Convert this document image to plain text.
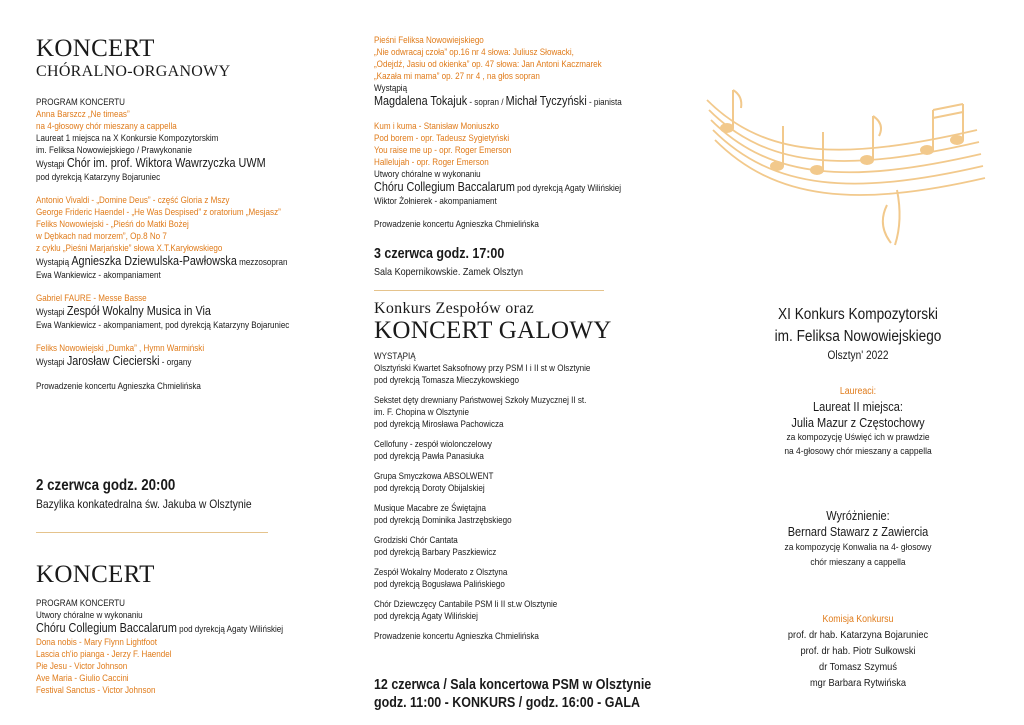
KONCERT
CHÓRALNO-ORGANOWY
PROGRAM KONCERTU
Anna Barszcz „Ne timeas”
na 4-głosowy chór mieszany a cappella
Laureat 1 miejsca na X Konkursie Kompozytorskim
im. Feliksa Nowowiejskiego / Prawykonanie
Wystąpi Chór im. prof. Wiktora Wawrzyczka UWM
pod dyrekcją Katarzyny Bojaruniec
Antonio Vivaldi - „Domine Deus” - część Gloria z Mszy
George Frideric Haendel - „He Was Despised” z oratorium „Mesjasz”
Feliks Nowowiejski - „Pieśń do Matki Bożej
w Dębkach nad morzem”, Op.8 No 7
z cyklu „Pieśni Marjańskie” słowa X.T.Karyłowskiego
Wystąpią Agnieszka Dziewulska-Pawłowska mezzosopran
Ewa Wankiewicz - akompaniament
Gabriel FAURE - Messe Basse
Wystąpi Zespół Wokalny Musica in Via
Ewa Wankiewicz - akompaniament, pod dyrekcją Katarzyny Bojaruniec
Feliks Nowowiejski „Dumka” , Hymn Warmiński
Wystąpi Jarosław Ciecierski - organy
Prowadzenie koncertu Agnieszka Chmielińska
2 czerwca godz. 20:00
Bazylika konkatedralna św. Jakuba w Olsztynie
KONCERT
PROGRAM KONCERTU
Utwory chóralne w wykonaniu
Chóru Collegium Baccalarum pod dyrekcją Agaty Wilińskiej
Dona nobis - Mary Flynn Lightfoot
Lascia ch'io pianga - Jerzy F. Haendel
Pie Jesu - Victor Johnson
Ave Maria - Giulio Caccini
Festival Sanctus - Victor Johnson
Pieśni Feliksa Nowowiejskiego
„Nie odwracaj czoła” op.16 nr 4 słowa: Juliusz Słowacki,
„Odejdź, Jasiu od okienka” op. 47 słowa: Jan Antoni Kaczmarek
„Kazała mi mama” op. 27 nr 4 , na głos sopran
Wystąpią
Magdalena Tokajuk - sopran / Michał Tyczyński - pianista
Kum i kuma - Stanisław Moniuszko
Pod borem - opr. Tadeusz Sygietyński
You raise me up - opr. Roger Emerson
Hallelujah - opr. Roger Emerson
Utwory chóralne w wykonaniu
Chóru Collegium Baccalarum pod dyrekcją Agaty Wilińskiej
Wiktor Żołnierek - akompaniament
Prowadzenie koncertu Agnieszka Chmielińska
3 czerwca godz. 17:00
Sala Kopernikowskie. Zamek Olsztyn
Konkurs Zespołów oraz
KONCERT GALOWY
WYSTĄPIĄ
Olsztyński Kwartet Saksofnowy przy PSM I i II st w Olsztynie
pod dyrekcją Tomasza Mieczykowskiego
Sekstet dęty drewniany Państwowej Szkoły Muzycznej II st.
im. F. Chopina w Olsztynie
pod dyrekcją Mirosława Pachowicza
Cellofuny - zespół wiolonczelowy
pod dyrekcją Pawła Panasiuka
Grupa Smyczkowa ABSOLWENT
pod dyrekcją Doroty Obijalskiej
Musique Macabre ze Świętajna
pod dyrekcją Dominika Jastrzębskiego
Grodziski Chór Cantata
pod dyrekcją Barbary Paszkiewicz
Zespół Wokalny Moderato z Olsztyna
pod dyrekcją Bogusława Palińskiego
Chór Dziewczęcy Cantabile PSM Ii II st.w Olsztynie
pod dyrekcją Agaty Wilińskiej
Prowadzenie koncertu Agnieszka Chmielińska
12 czerwca / Sala koncertowa PSM w Olsztynie
godz. 11:00 - KONKURS / godz. 16:00 - GALA
XI Konkurs Kompozytorski
im. Feliksa Nowowiejskiego
Olsztyn' 2022
Laureaci:
Laureat II miejsca:
Julia Mazur z Częstochowy
za kompozycję Uświęć ich w prawdzie
na 4-głosowy chór mieszany a cappella
Wyróżnienie:
Bernard Stawarz z Zawiercia
za kompozycję Konwalia na 4- głosowy
chór mieszany a cappella
Komisja Konkursu
prof. dr hab. Katarzyna Bojaruniec
prof. dr hab. Piotr Sułkowski
dr Tomasz Szymuś
mgr Barbara Rytwińska
